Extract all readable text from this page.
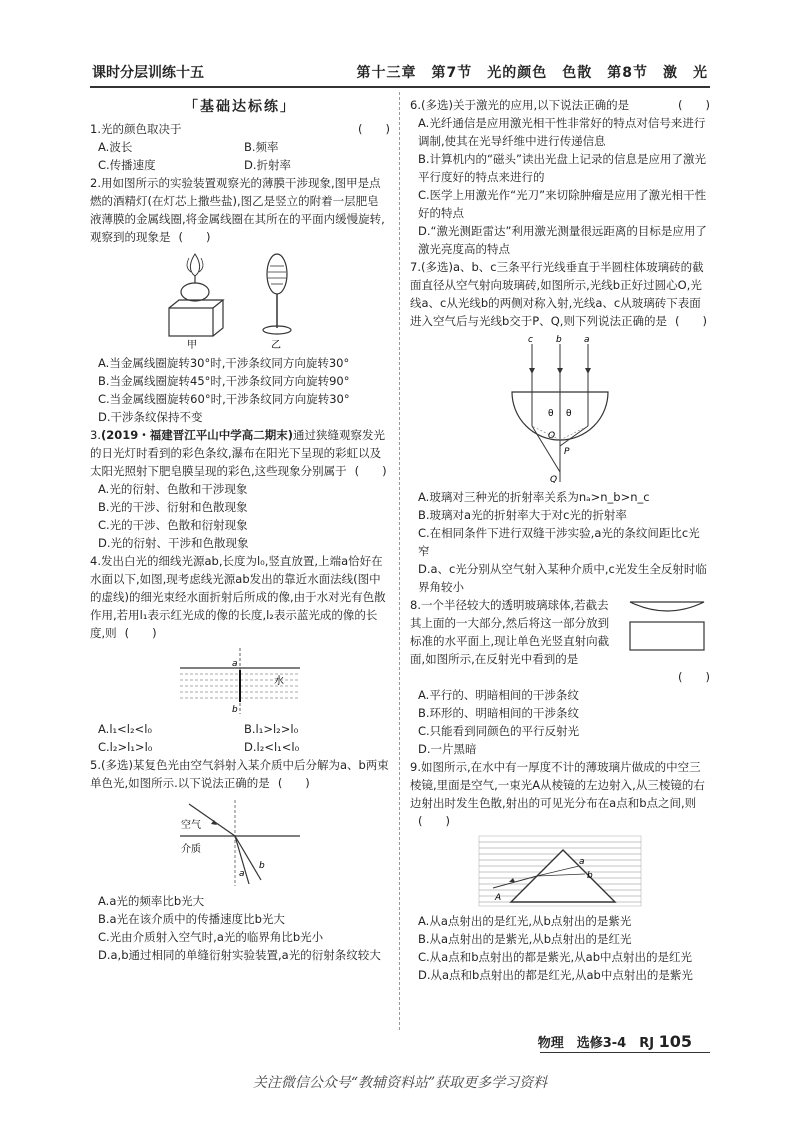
课时分层训练十五	第十三章　第7节　光的颜色　色散　第8节　激　光
「基础达标练」
1.光的颜色取决于	(　　)
A.波长	B.频率
C.传播速度	D.折射率
2.用如图所示的实验装置观察光的薄膜干涉现象,图甲是点燃的酒精灯(在灯芯上撒些盐),图乙是竖立的附着一层肥皂液薄膜的金属线圈,将金属线圈在其所在的平面内缓慢旋转,观察到的现象是 (　　)
甲	乙
A.当金属线圈旋转30°时,干涉条纹同方向旋转30°
B.当金属线圈旋转45°时,干涉条纹同方向旋转90°
C.当金属线圈旋转60°时,干涉条纹同方向旋转30°
D.干涉条纹保持不变
3.(2019・福建晋江平山中学高二期末)通过狭缝观察发光的日光灯时看到的彩色条纹,瀑布在阳光下呈现的彩虹以及太阳光照射下肥皂膜呈现的彩色,这些现象分别属于 (　　)
A.光的衍射、色散和干涉现象
B.光的干涉、衍射和色散现象
C.光的干涉、色散和衍射现象
D.光的衍射、干涉和色散现象
4.发出白光的细线光源ab,长度为l₀,竖直放置,上端a恰好在水面以下,如图,现考虑线光源ab发出的靠近水面法线(图中的虚线)的细光束经水面折射后所成的像,由于水对光有色散作用,若用l₁表示红光成的像的长度,l₂表示蓝光成的像的长度,则 (　　)
a
b
水
A.l₁<l₂<l₀	B.l₁>l₂>l₀
C.l₂>l₁>l₀	D.l₂<l₁<l₀
5.(多选)某复色光由空气斜射入某介质中后分解为a、b两束单色光,如图所示.以下说法正确的是 (　　)
空气
介质
a
b
A.a光的频率比b光大
B.a光在该介质中的传播速度比b光大
C.光由介质射入空气时,a光的临界角比b光小
D.a,b通过相同的单缝衍射实验装置,a光的衍射条纹较大
6.(多选)关于激光的应用,以下说法正确的是	(　　)
A.光纤通信是应用激光相干性非常好的特点对信号来进行调制,使其在光导纤维中进行传递信息
B.计算机内的“磁头”读出光盘上记录的信息是应用了激光平行度好的特点来进行的
C.医学上用激光作“光刀”来切除肿瘤是应用了激光相干性好的特点
D.“激光测距雷达”利用激光测量很远距离的目标是应用了激光亮度高的特点
7.(多选)a、b、c三条平行光线垂直于半圆柱体玻璃砖的截面直径从空气射向玻璃砖,如图所示,光线b正好过圆心O,光线a、c从光线b的两侧对称入射,光线a、c从玻璃砖下表面进入空气后与光线b交于P、Q,则下列说法正确的是 (　　)
c	b a
θ θ
O
P
Q
A.玻璃对三种光的折射率关系为nₐ>n_b>n_c
B.玻璃对a光的折射率大于对c光的折射率
C.在相同条件下进行双缝干涉实验,a光的条纹间距比c光窄
D.a、c光分别从空气射入某种介质中,c光发生全反射时临界角较小
8.一个半径较大的透明玻璃球体,若截去其上面的一大部分,然后将这一部分放到标准的水平面上,现让单色光竖直射向截面,如图所示,在反射光中看到的是
(　　)
A.平行的、明暗相间的干涉条纹
B.环形的、明暗相间的干涉条纹
C.只能看到同颜色的平行反射光
D.一片黑暗
9.如图所示,在水中有一厚度不计的薄玻璃片做成的中空三棱镜,里面是空气,一束光A从棱镜的左边射入,从三棱镜的右边射出时发生色散,射出的可见光分布在a点和b点之间,则(　　)
A
a
b
A.从a点射出的是红光,从b点射出的是紫光
B.从a点射出的是紫光,从b点射出的是红光
C.从a点和b点射出的都是紫光,从ab中点射出的是红光
D.从a点和b点射出的都是红光,从ab中点射出的是紫光
物理　选修3-4　RJ 105
关注微信公众号“教辅资料站”获取更多学习资料
